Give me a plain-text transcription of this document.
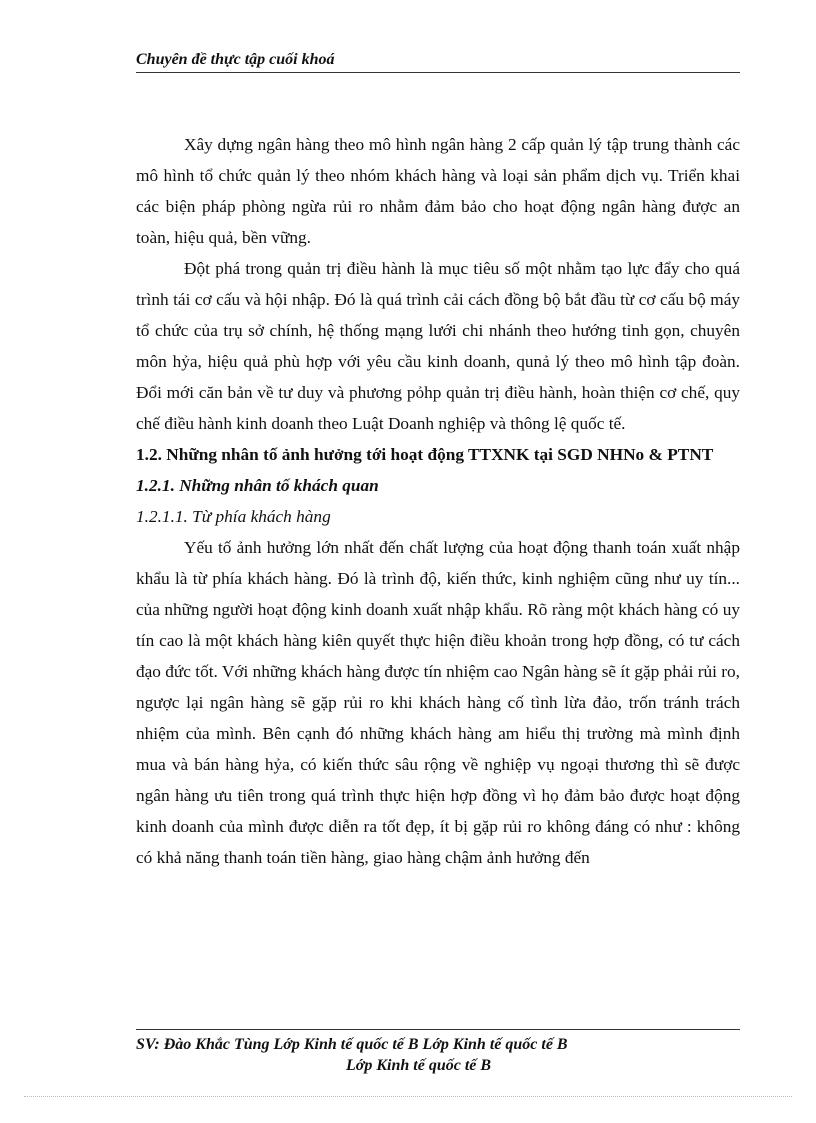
Chuyên đề thực tập cuối khoá

Xây dựng ngân hàng theo mô hình ngân hàng 2 cấp quản lý tập trung thành các mô hình tổ chức quản lý theo nhóm khách hàng và loại sản phẩm dịch vụ. Triển khai các biện pháp phòng ngừa rủi ro nhằm đảm bảo cho hoạt động ngân hàng được an toàn, hiệu quả, bền vững.

Đột phá trong quản trị điều hành là mục tiêu số một nhằm tạo lực đẩy cho quá trình tái cơ cấu và hội nhập. Đó là quá trình cải cách đồng bộ bắt đầu từ cơ cấu bộ máy tổ chức của trụ sở chính, hệ thống mạng lưới chi nhánh theo hướng tinh gọn, chuyên môn hỷa, hiệu quả phù hợp với yêu cầu kinh doanh, qunả lý theo mô hình tập đoàn. Đổi mới căn bản về tư duy và phương pỏhp quản trị điều hành, hoàn thiện cơ chế, quy chế điều hành kinh doanh theo Luật Doanh nghiệp và thông lệ quốc tế.

1.2. Những nhân tố ảnh hưởng tới hoạt động TTXNK tại SGD NHNo & PTNT

1.2.1. Những nhân tố khách quan

1.2.1.1. Từ phía khách hàng

Yếu tố ảnh hưởng lớn nhất đến chất lượng của hoạt động thanh toán xuất nhập khẩu là từ phía khách hàng. Đó là trình độ, kiến thức, kinh nghiệm cũng như uy tín... của những người hoạt động kinh doanh xuất nhập khẩu. Rõ ràng một khách hàng có uy tín cao là một khách hàng kiên quyết thực hiện điều khoản trong hợp đồng, có tư cách đạo đức tốt. Với những khách hàng được tín nhiệm cao Ngân hàng sẽ ít gặp phải rủi ro, ngược lại ngân hàng sẽ gặp rủi ro khi khách hàng cố tình lừa đảo, trốn tránh trách nhiệm của mình. Bên cạnh đó những khách hàng am hiểu thị trường mà mình định mua và bán hàng hỷa, có kiến thức sâu rộng về nghiệp vụ ngoại thương thì sẽ được ngân hàng ưu tiên trong quá trình thực hiện hợp đồng vì họ đảm bảo được hoạt động kinh doanh của mình được diễn ra tốt đẹp, ít bị gặp rủi ro không đáng có như : không có khả năng thanh toán tiền hàng, giao hàng chậm ảnh hưởng đến

SV: Đào Khắc Tùng Lớp Kinh tế quốc tế B Lớp Kinh tế quốc tế B
Lớp Kinh tế quốc tế B
